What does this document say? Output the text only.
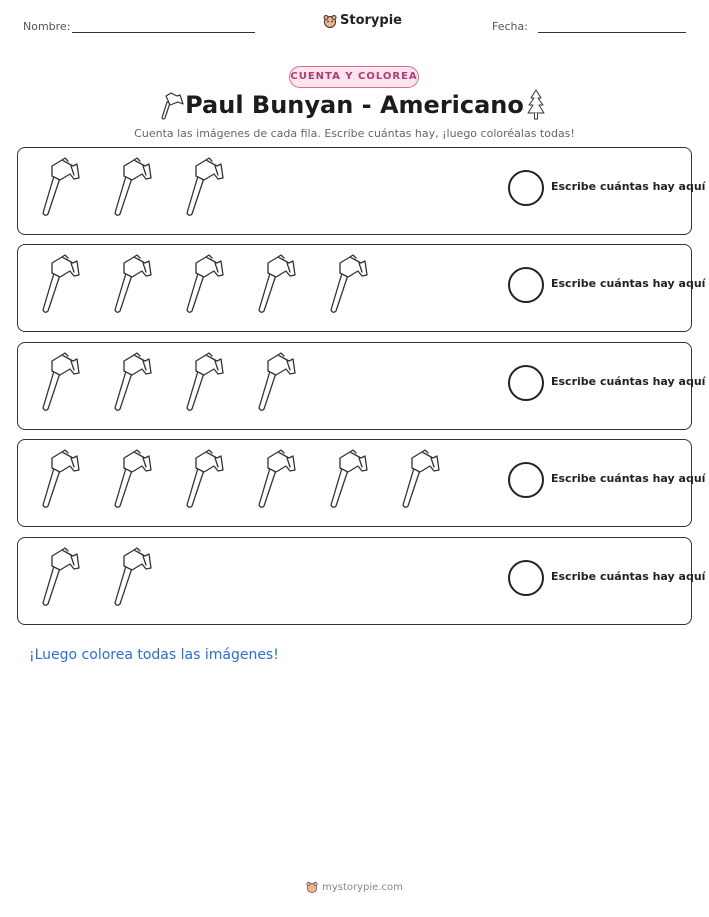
Nombre:	Storypie	Fecha:
CUENTA Y COLOREA
Paul Bunyan - Americano
Cuenta las imágenes de cada fila. Escribe cuántas hay, ¡luego coloréalas todas!
Escribe cuántas hay aquí
Escribe cuántas hay aquí
Escribe cuántas hay aquí
Escribe cuántas hay aquí
Escribe cuántas hay aquí
¡Luego colorea todas las imágenes!
mystorypie.com
